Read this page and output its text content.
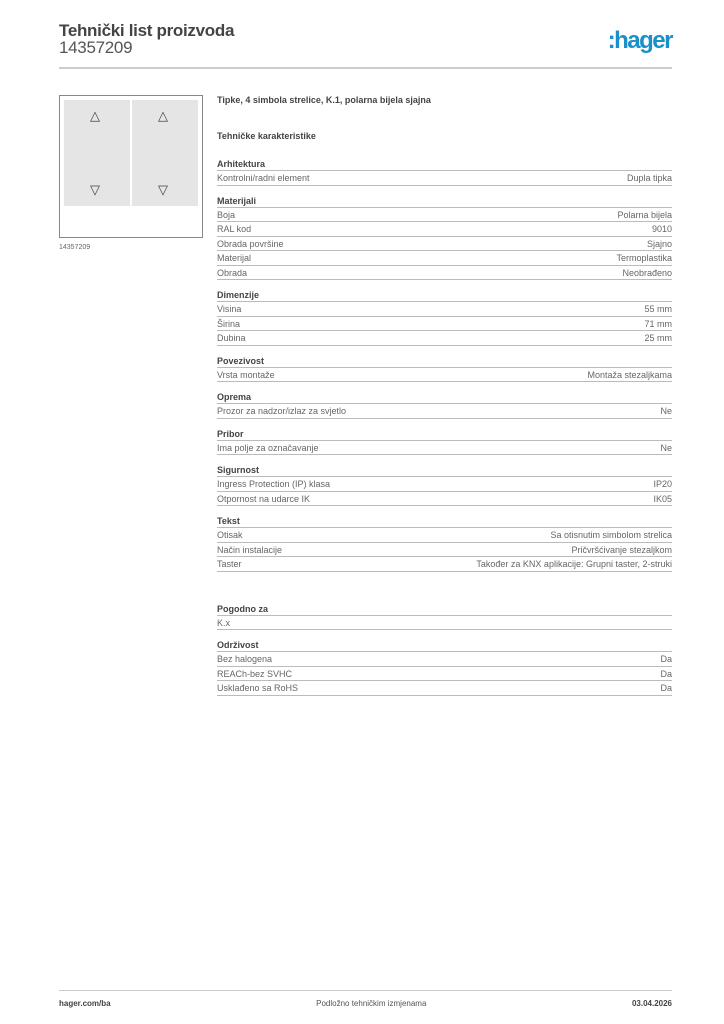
Tehnički list proizvoda
14357209	:hager
△
▽
△
▽
14357209
Tipke, 4 simbola strelice, K.1, polarna bijela sjajna
Tehničke karakteristike
Arhitektura
Kontrolni/radni element	Dupla tipka
Materijali
Boja	Polarna bijela
RAL kod	9010
Obrada površine	Sjajno
Materijal	Termoplastika
Obrada	Neobrađeno
Dimenzije
Visina	55 mm
Širina	71 mm
Dubina	25 mm
Povezivost
Vrsta montaže	Montaža stezaljkama
Oprema
Prozor za nadzor/izlaz za svjetlo	Ne
Pribor
Ima polje za označavanje	Ne
Sigurnost
Ingress Protection (IP) klasa	IP20
Otpornost na udarce IK	IK05
Tekst
Otisak	Sa otisnutim simbolom strelica
Način instalacije	Pričvršćivanje stezaljkom
Taster	Također za KNX aplikacije: Grupni taster, 2-struki
Pogodno za
K.x
Održivost
Bez halogena	Da
REACh-bez SVHC	Da
Usklađeno sa RoHS	Da
hager.com/ba	Podložno tehničkim izmjenama	03.04.2026
